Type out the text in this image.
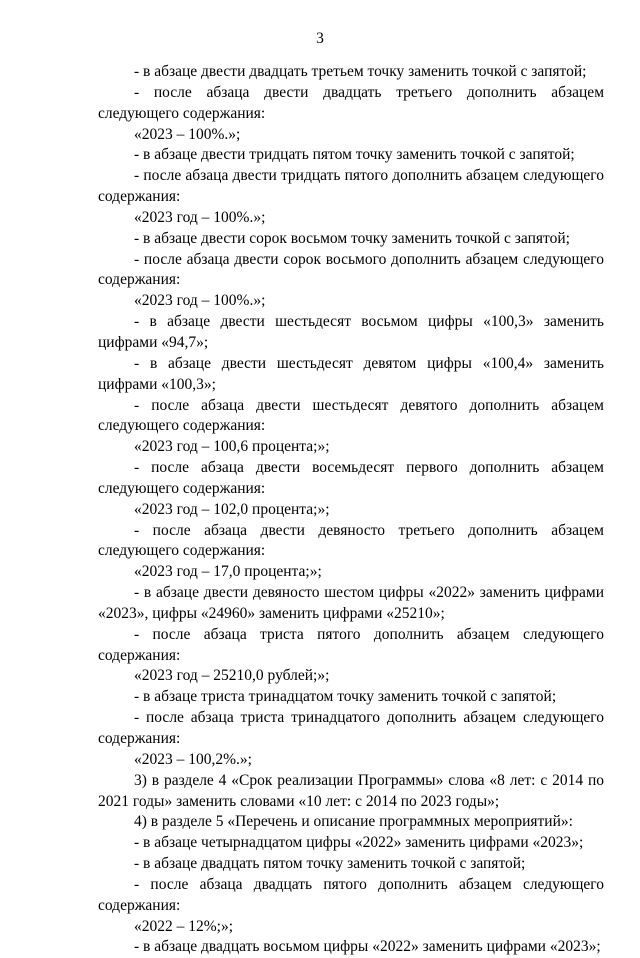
3

- в абзаце двести двадцать третьем точку заменить точкой с запятой;

- после абзаца двести двадцать третьего дополнить абзацем следующего содержания:

«2023 – 100%.»;

- в абзаце двести тридцать пятом точку заменить точкой с запятой;

- после абзаца двести тридцать пятого дополнить абзацем следующего содержания:

«2023 год – 100%.»;

- в абзаце двести сорок восьмом точку заменить точкой с запятой;

- после абзаца двести сорок восьмого дополнить абзацем следующего содержания:

«2023 год – 100%.»;

- в абзаце двести шестьдесят восьмом цифры «100,3» заменить цифрами «94,7»;

- в абзаце двести шестьдесят девятом цифры «100,4» заменить цифрами «100,3»;

- после абзаца двести шестьдесят девятого дополнить абзацем следующего содержания:

«2023 год – 100,6 процента;»;

- после абзаца двести восемьдесят первого дополнить абзацем следующего содержания:

«2023 год – 102,0 процента;»;

- после абзаца двести девяносто третьего дополнить абзацем следующего содержания:

«2023 год – 17,0 процента;»;

- в абзаце двести девяносто шестом цифры «2022» заменить цифрами «2023», цифры «24960» заменить цифрами «25210»;

- после абзаца триста пятого дополнить абзацем следующего содержания:

«2023 год – 25210,0 рублей;»;

- в абзаце триста тринадцатом точку заменить точкой с запятой;

- после абзаца триста тринадцатого дополнить абзацем следующего содержания:

«2023 – 100,2%.»;

3) в разделе 4 «Срок реализации Программы» слова «8 лет: с 2014 по 2021 годы» заменить словами «10 лет: с 2014 по 2023 годы»;

4) в разделе 5 «Перечень и описание программных мероприятий»:

- в абзаце четырнадцатом цифры «2022» заменить цифрами «2023»;

- в абзаце двадцать пятом точку заменить точкой с запятой;

- после абзаца двадцать пятого дополнить абзацем следующего содержания:

«2022 – 12%;»;

- в абзаце двадцать восьмом цифры «2022» заменить цифрами «2023»;
